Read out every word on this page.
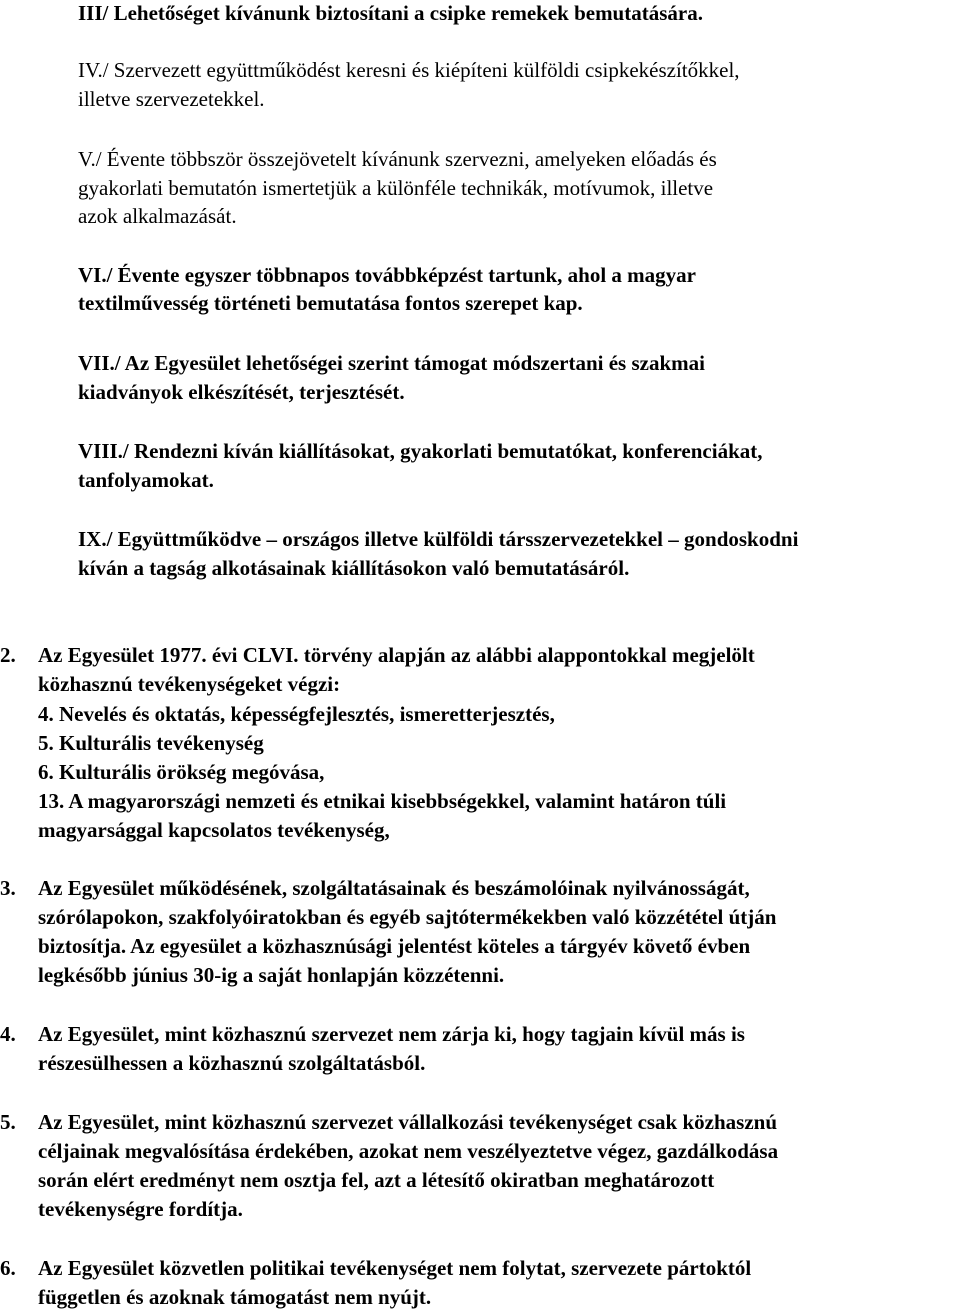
III/ Lehetőséget kívánunk biztosítani a csipke remekek bemutatására.
IV./ Szervezett együttműködést keresni és kiépíteni külföldi csipkekészítőkkel,
illetve szervezetekkel.
V./ Évente többször összejövetelt kívánunk szervezni, amelyeken előadás és
gyakorlati bemutatón ismertetjük a különféle technikák, motívumok, illetve
azok alkalmazását.
VI./ Évente egyszer többnapos továbbképzést tartunk, ahol a magyar
textilművesség történeti bemutatása fontos szerepet kap.
VII./ Az Egyesület lehetőségei szerint támogat módszertani és szakmai
kiadványok elkészítését, terjesztését.
VIII./ Rendezni kíván kiállításokat, gyakorlati bemutatókat, konferenciákat,
tanfolyamokat.
IX./ Együttműködve – országos illetve külföldi társszervezetekkel – gondoskodni
kíván a tagság alkotásainak kiállításokon való bemutatásáról.
2. Az Egyesület 1977. évi CLVI. törvény alapján az alábbi alappontokkal megjelölt
közhasznú tevékenységeket végzi:
4. Nevelés és oktatás, képességfejlesztés, ismeretterjesztés,
5. Kulturális tevékenység
6. Kulturális örökség megóvása,
13. A magyarországi nemzeti és etnikai kisebbségekkel, valamint határon túli
magyarsággal kapcsolatos tevékenység,
3. Az Egyesület működésének, szolgáltatásainak és beszámolóinak nyilvánosságát,
szórólapokon, szakfolyóiratokban és egyéb sajtótermékekben való közzététel útján
biztosítja. Az egyesület a közhasznúsági jelentést köteles a tárgyév követő évben
legkésőbb június 30-ig a saját honlapján közzétenni.
4. Az Egyesület, mint közhasznú szervezet nem zárja ki, hogy tagjain kívül más is
részesülhessen a közhasznú szolgáltatásból.
5. Az Egyesület, mint közhasznú szervezet vállalkozási tevékenységet csak közhasznú
céljainak megvalósítása érdekében, azokat nem veszélyeztetve végez, gazdálkodása
során elért eredményt nem osztja fel, azt a létesítő okiratban meghatározott
tevékenységre fordítja.
6. Az Egyesület közvetlen politikai tevékenységet nem folytat, szervezete pártoktól
független és azoknak támogatást nem nyújt.
